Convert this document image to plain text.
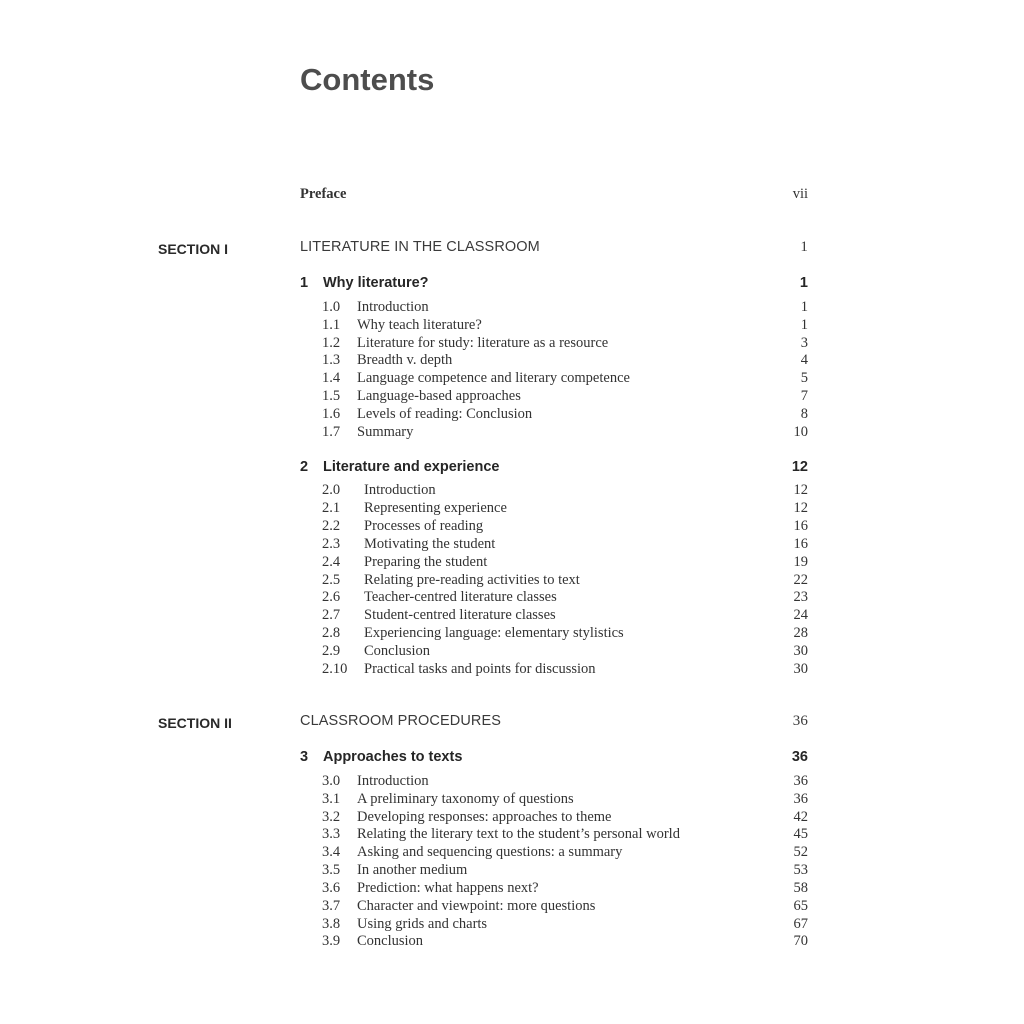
Contents
Preface	vii
SECTION I	LITERATURE IN THE CLASSROOM	1
1	Why literature?	1
1.0	Introduction	1
1.1	Why teach literature?	1
1.2	Literature for study: literature as a resource	3
1.3	Breadth v. depth	4
1.4	Language competence and literary competence	5
1.5	Language-based approaches	7
1.6	Levels of reading: Conclusion	8
1.7	Summary	10
2	Literature and experience	12
2.0	Introduction	12
2.1	Representing experience	12
2.2	Processes of reading	16
2.3	Motivating the student	16
2.4	Preparing the student	19
2.5	Relating pre-reading activities to text	22
2.6	Teacher-centred literature classes	23
2.7	Student-centred literature classes	24
2.8	Experiencing language: elementary stylistics	28
2.9	Conclusion	30
2.10	Practical tasks and points for discussion	30
SECTION II	CLASSROOM PROCEDURES	36
3	Approaches to texts	36
3.0	Introduction	36
3.1	A preliminary taxonomy of questions	36
3.2	Developing responses: approaches to theme	42
3.3	Relating the literary text to the student’s personal world	45
3.4	Asking and sequencing questions: a summary	52
3.5	In another medium	53
3.6	Prediction: what happens next?	58
3.7	Character and viewpoint: more questions	65
3.8	Using grids and charts	67
3.9	Conclusion	70
